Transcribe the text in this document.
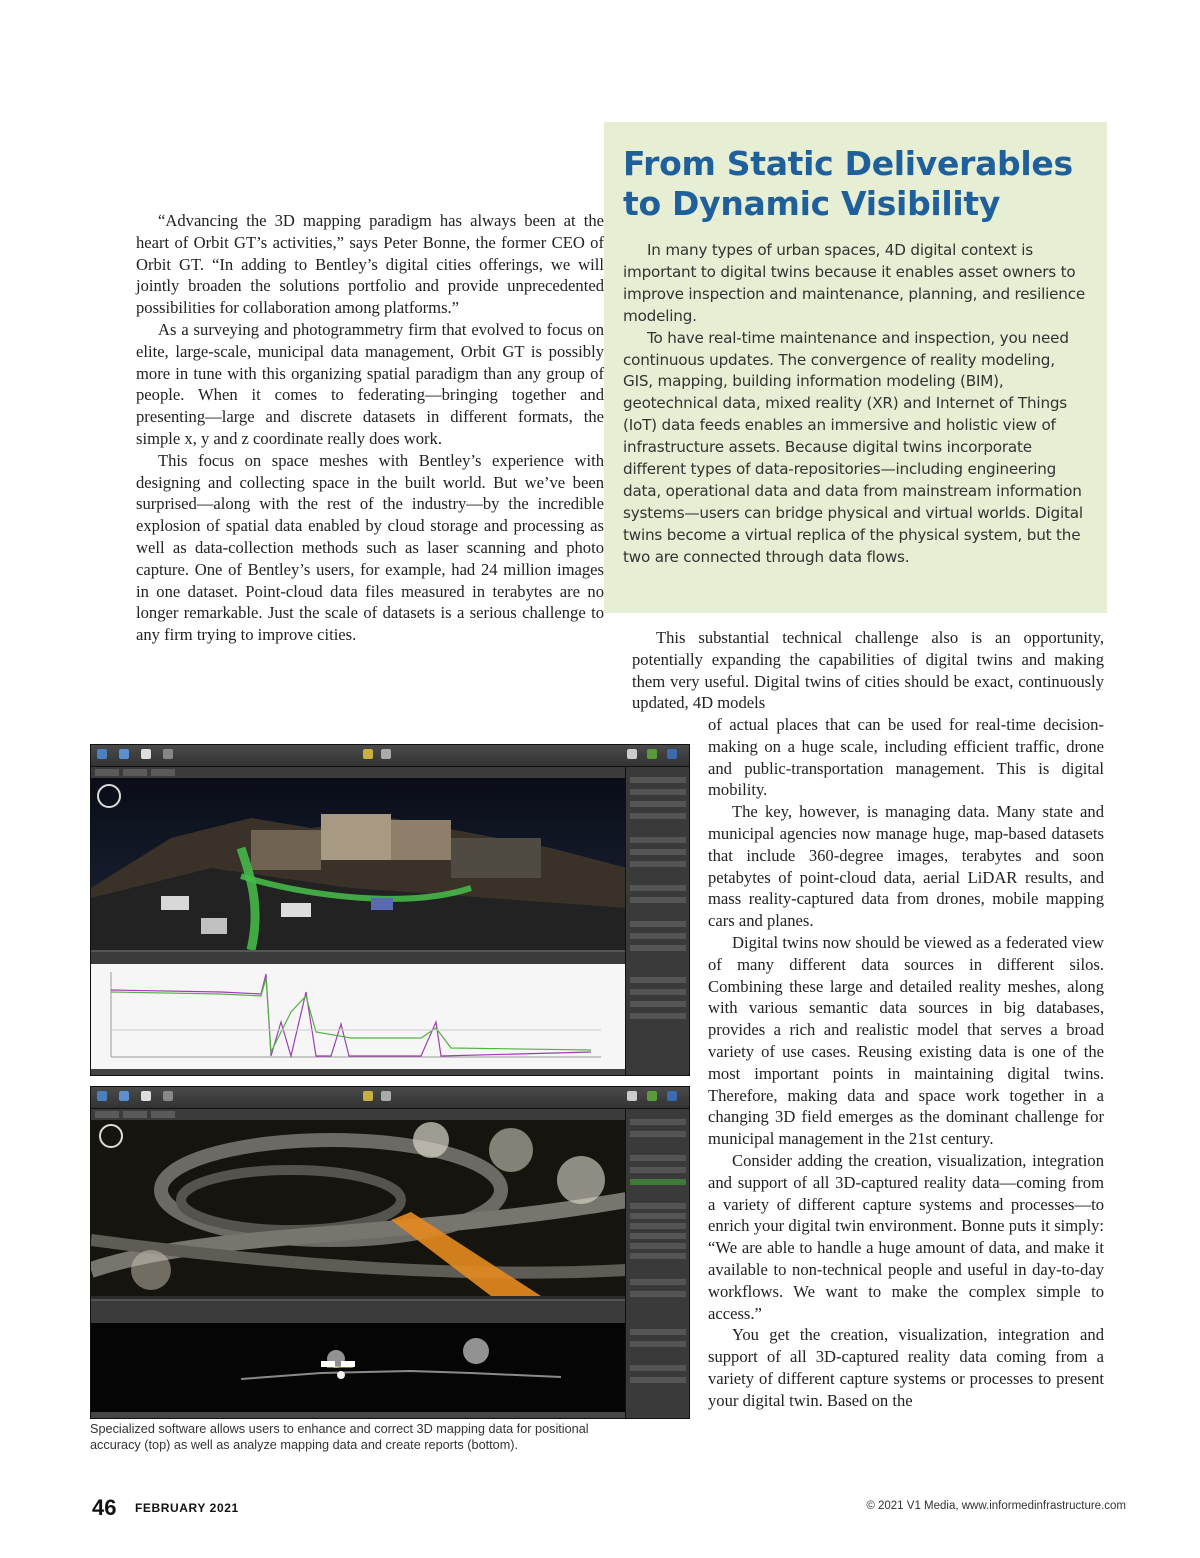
“Advancing the 3D mapping paradigm has always been at the heart of Orbit GT’s activities,” says Peter Bonne, the former CEO of Orbit GT. “In adding to Bentley’s digital cities offerings, we will jointly broaden the solutions portfolio and provide unprecedented possibilities for collaboration among platforms.”

As a surveying and photogrammetry firm that evolved to focus on elite, large-scale, municipal data management, Orbit GT is possibly more in tune with this organizing spatial paradigm than any group of people. When it comes to federating—bringing together and presenting—large and discrete datasets in different formats, the simple x, y and z coordinate really does work.

This focus on space meshes with Bentley’s experience with designing and collecting space in the built world. But we’ve been surprised—along with the rest of the industry—by the incredible explosion of spatial data enabled by cloud storage and processing as well as data-collection methods such as laser scanning and photo capture. One of Bentley’s users, for example, had 24 million images in one dataset. Point-cloud data files measured in terabytes are no longer remarkable. Just the scale of datasets is a serious challenge to any firm trying to improve cities.

From Static Deliverables
to Dynamic Visibility

In many types of urban spaces, 4D digital context is important to digital twins because it enables asset owners to improve inspection and maintenance, planning, and resilience modeling.

To have real-time maintenance and inspection, you need continuous updates. The convergence of reality modeling, GIS, mapping, building information modeling (BIM), geotechnical data, mixed reality (XR) and Internet of Things (IoT) data feeds enables an immersive and holistic view of infrastructure assets. Because digital twins incorporate different types of data-repositories—including engineering data, operational data and data from mainstream information systems—users can bridge physical and virtual worlds. Digital twins become a virtual replica of the physical system, but the two are connected through data flows.

This substantial technical challenge also is an opportunity, potentially expanding the capabilities of digital twins and making them very useful. Digital twins of cities should be exact, continuously updated, 4D models

of actual places that can be used for real-time decision-making on a huge scale, including efficient traffic, drone and public-transportation management. This is digital mobility.

The key, however, is managing data. Many state and municipal agencies now manage huge, map-based datasets that include 360-degree images, terabytes and soon petabytes of point-cloud data, aerial LiDAR results, and mass reality-captured data from drones, mobile mapping cars and planes.

Digital twins now should be viewed as a federated view of many different data sources in different silos. Combining these large and detailed reality meshes, along with various semantic data sources in big databases, provides a rich and realistic model that serves a broad variety of use cases. Reusing existing data is one of the most important points in maintaining digital twins. Therefore, making data and space work together in a changing 3D field emerges as the dominant challenge for municipal management in the 21st century.

Consider adding the creation, visualization, integration and support of all 3D-captured reality data—coming from a variety of different capture systems and processes—to enrich your digital twin environment. Bonne puts it simply: “We are able to handle a huge amount of data, and make it available to non-technical people and useful in day-to-day workflows. We want to make the complex simple to access.”

You get the creation, visualization, integration and support of all 3D-captured reality data coming from a variety of different capture systems or processes to present your digital twin. Based on the

Specialized software allows users to enhance and correct 3D mapping data for positional accuracy (top) as well as analyze mapping data and create reports (bottom).
46 FEBRUARY 2021	© 2021 V1 Media, www.informedinfrastructure.com
